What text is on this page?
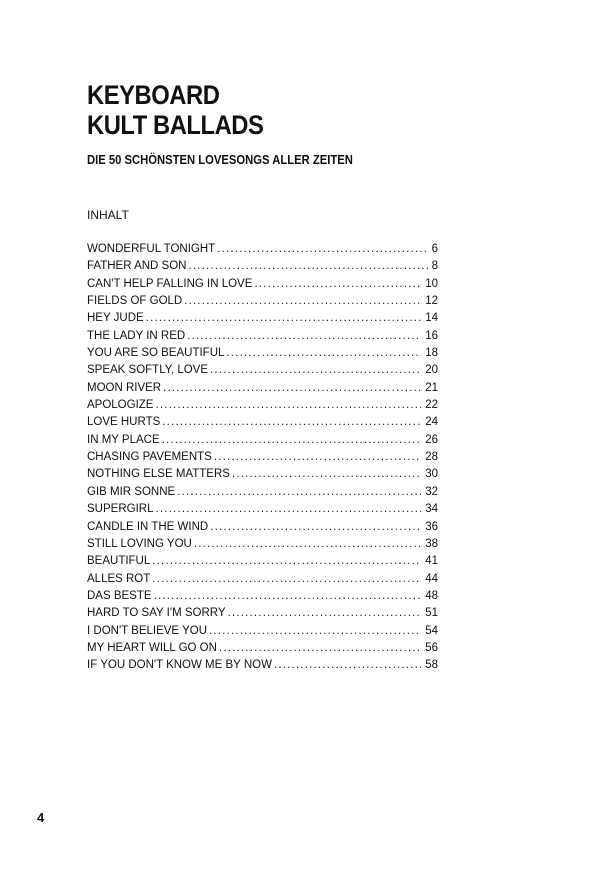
KEYBOARD
KULT BALLADS
DIE 50 SCHÖNSTEN LOVESONGS ALLER ZEITEN
INHALT
WONDERFUL TONIGHT .....	6
FATHER AND SON .....	8
CAN'T HELP FALLING IN LOVE .....	10
FIELDS OF GOLD .....	12
HEY JUDE .....	14
THE LADY IN RED .....	16
YOU ARE SO BEAUTIFUL .....	18
SPEAK SOFTLY, LOVE .....	20
MOON RIVER .....	21
APOLOGIZE .....	22
LOVE HURTS .....	24
IN MY PLACE .....	26
CHASING PAVEMENTS .....	28
NOTHING ELSE MATTERS .....	30
GIB MIR SONNE .....	32
SUPERGIRL .....	34
CANDLE IN THE WIND .....	36
STILL LOVING YOU .....	38
BEAUTIFUL .....	41
ALLES ROT .....	44
DAS BESTE .....	48
HARD TO SAY I'M SORRY .....	51
I DON'T BELIEVE YOU .....	54
MY HEART WILL GO ON .....	56
IF YOU DON'T KNOW ME BY NOW .....	58
4
